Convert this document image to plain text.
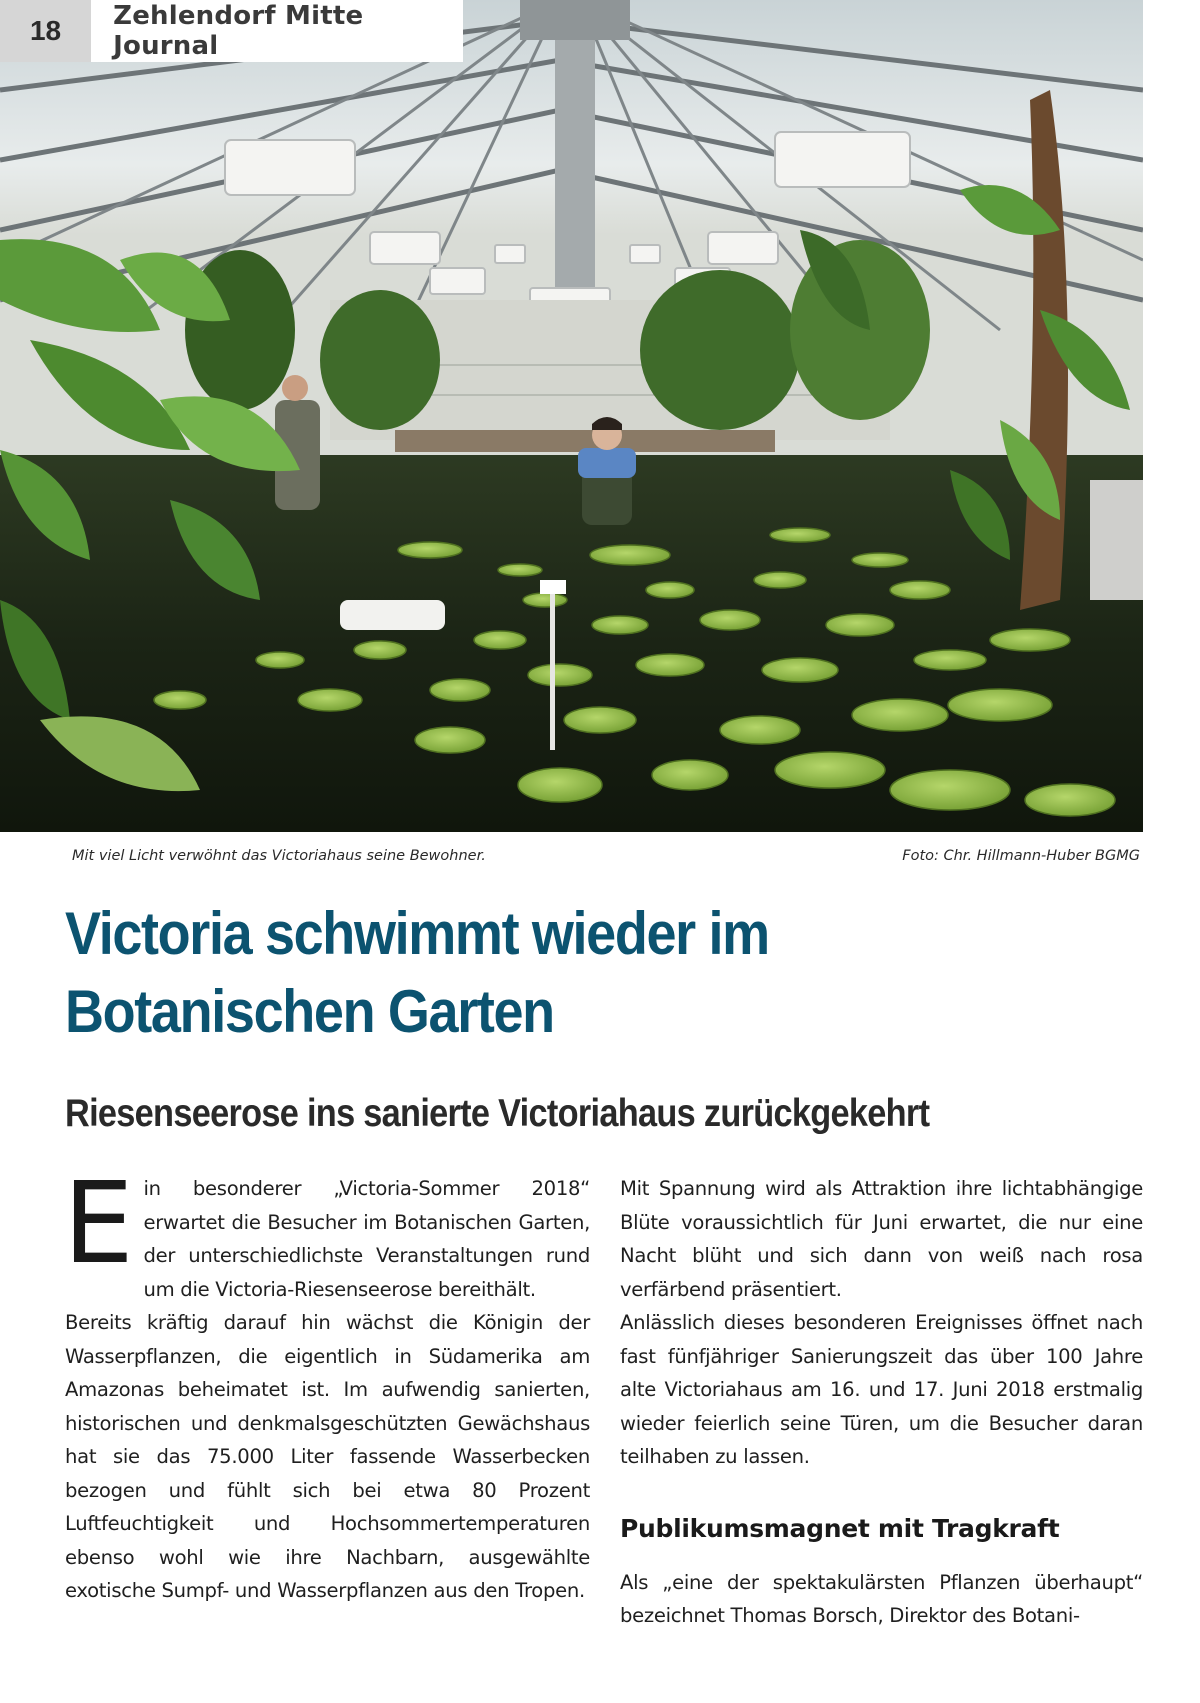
18	Zehlendorf Mitte Journal
Mit viel Licht verwöhnt das Victoriahaus seine Bewohner.	Foto: Chr. Hillmann-Huber BGMG
Victoria schwimmt wieder im
Botanischen Garten
Riesenseerose ins sanierte Victoriahaus zurückgekehrt

Ein besonderer „Victoria-Sommer 2018“ erwartet die Besucher im Botanischen Garten, der unterschiedlichste Veranstaltungen rund um die Victoria-Riesenseerose bereithält.

Bereits kräftig darauf hin wächst die Königin der Wasserpflanzen, die eigentlich in Südamerika am Amazonas beheimatet ist. Im aufwendig sanierten, historischen und denkmalsgeschützten Gewächshaus hat sie das 75.000 Liter fassende Wasserbecken bezogen und fühlt sich bei etwa 80 Prozent Luftfeuchtigkeit und Hochsommertemperaturen ebenso wohl wie ihre Nachbarn, ausgewählte exotische Sumpf- und Wasserpflanzen aus den Tropen.

Mit Spannung wird als Attraktion ihre lichtabhängige Blüte voraussichtlich für Juni erwartet, die nur eine Nacht blüht und sich dann von weiß nach rosa verfärbend präsentiert.

Anlässlich dieses besonderen Ereignisses öffnet nach fast fünfjähriger Sanierungszeit das über 100 Jahre alte Victoriahaus am 16. und 17. Juni 2018 erstmalig wieder feierlich seine Türen, um die Besucher daran teilhaben zu lassen.

Publikumsmagnet mit Tragkraft

Als „eine der spektakulärsten Pflanzen überhaupt“ bezeichnet Thomas Borsch, Direktor des Botani-
